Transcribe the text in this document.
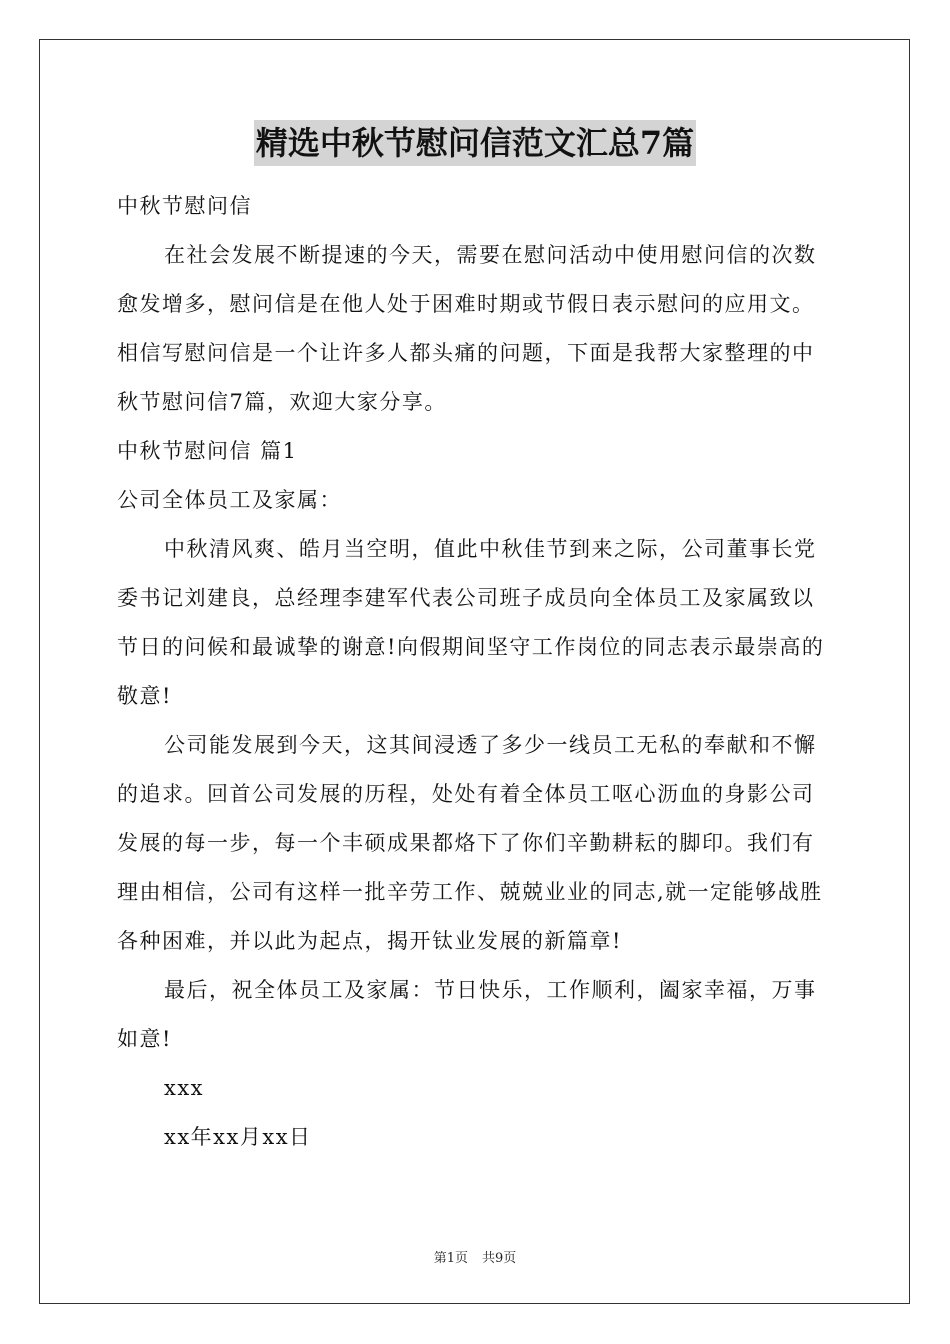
精选中秋节慰问信范文汇总7篇

中秋节慰问信

在社会发展不断提速的今天，需要在慰问活动中使用慰问信的次数愈发增多，慰问信是在他人处于困难时期或节假日表示慰问的应用文。相信写慰问信是一个让许多人都头痛的问题，下面是我帮大家整理的中秋节慰问信7篇，欢迎大家分享。

中秋节慰问信 篇1

公司全体员工及家属：

中秋清风爽、皓月当空明，值此中秋佳节到来之际，公司董事长党委书记刘建良，总经理李建军代表公司班子成员向全体员工及家属致以节日的问候和最诚挚的谢意!向假期间坚守工作岗位的同志表示最崇高的敬意!

公司能发展到今天，这其间浸透了多少一线员工无私的奉献和不懈的追求。回首公司发展的历程，处处有着全体员工呕心沥血的身影公司发展的每一步，每一个丰硕成果都烙下了你们辛勤耕耘的脚印。我们有理由相信，公司有这样一批辛劳工作、兢兢业业的同志,就一定能够战胜各种困难，并以此为起点，揭开钛业发展的新篇章!

最后，祝全体员工及家属：节日快乐，工作顺利，阖家幸福，万事如意!

xxx

xx年xx月xx日

第1页 共9页
